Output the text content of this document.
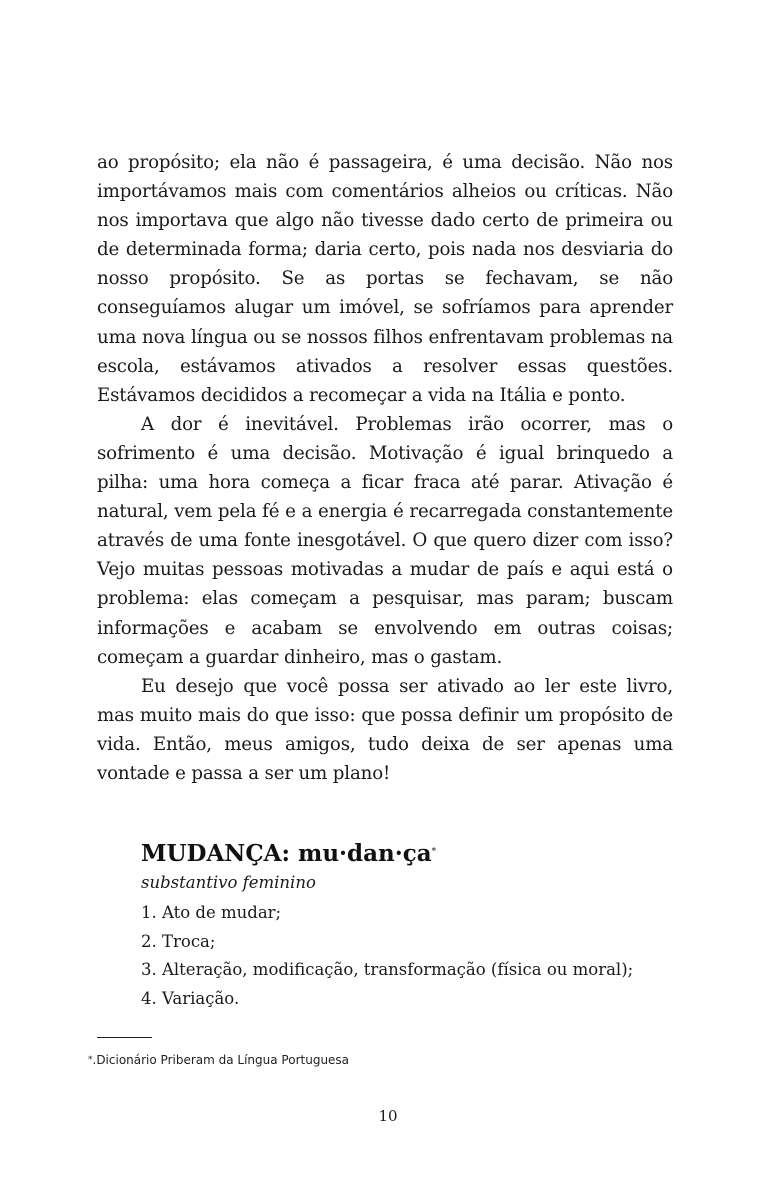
ao propósito; ela não é passageira, é uma decisão. Não nos importávamos mais com comentários alheios ou críticas. Não nos importava que algo não tivesse dado certo de primeira ou de determinada forma; daria certo, pois nada nos desviaria do nosso propósito. Se as portas se fechavam, se não conseguíamos alugar um imóvel, se sofríamos para aprender uma nova língua ou se nossos filhos enfrentavam problemas na escola, estávamos ativados a resolver essas questões. Estávamos decididos a recomeçar a vida na Itália e ponto.

A dor é inevitável. Problemas irão ocorrer, mas o sofrimento é uma decisão. Motivação é igual brinquedo a pilha: uma hora começa a ficar fraca até parar. Ativação é natural, vem pela fé e a energia é recarregada constantemente através de uma fonte inesgotável. O que quero dizer com isso? Vejo muitas pessoas motivadas a mudar de país e aqui está o problema: elas começam a pesquisar, mas param; buscam informações e acabam se envolvendo em outras coisas; começam a guardar dinheiro, mas o gastam.

Eu desejo que você possa ser ativado ao ler este livro, mas muito mais do que isso: que possa definir um propósito de vida. Então, meus amigos, tudo deixa de ser apenas uma vontade e passa a ser um plano!

MUDANÇA: mu·dan·ça*

substantivo feminino

1. Ato de mudar;
2. Troca;
3. Alteração, modificação, transformação (física ou moral);
4. Variação.
*.Dicionário Priberam da Língua Portuguesa
10
